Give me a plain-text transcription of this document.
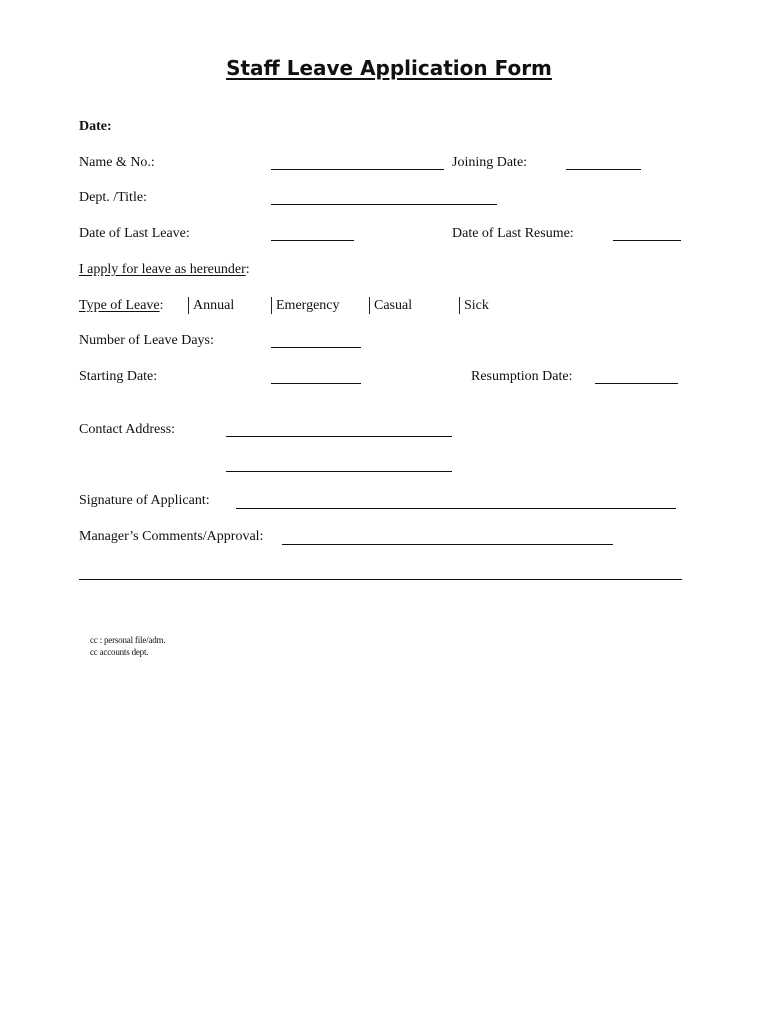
Staff Leave Application Form
Date:
Name & No.:	Joining Date:
Dept. /Title:
Date of Last Leave:	Date of Last Resume:
I apply for leave as hereunder:
Type of Leave: Annual	Emergency Casual	Sick
Number of Leave Days:
Starting Date:	Resumption Date:
Contact Address:
Signature of Applicant:
Manager’s Comments/Approval:
cc : personal file/adm.
cc accounts dept.
